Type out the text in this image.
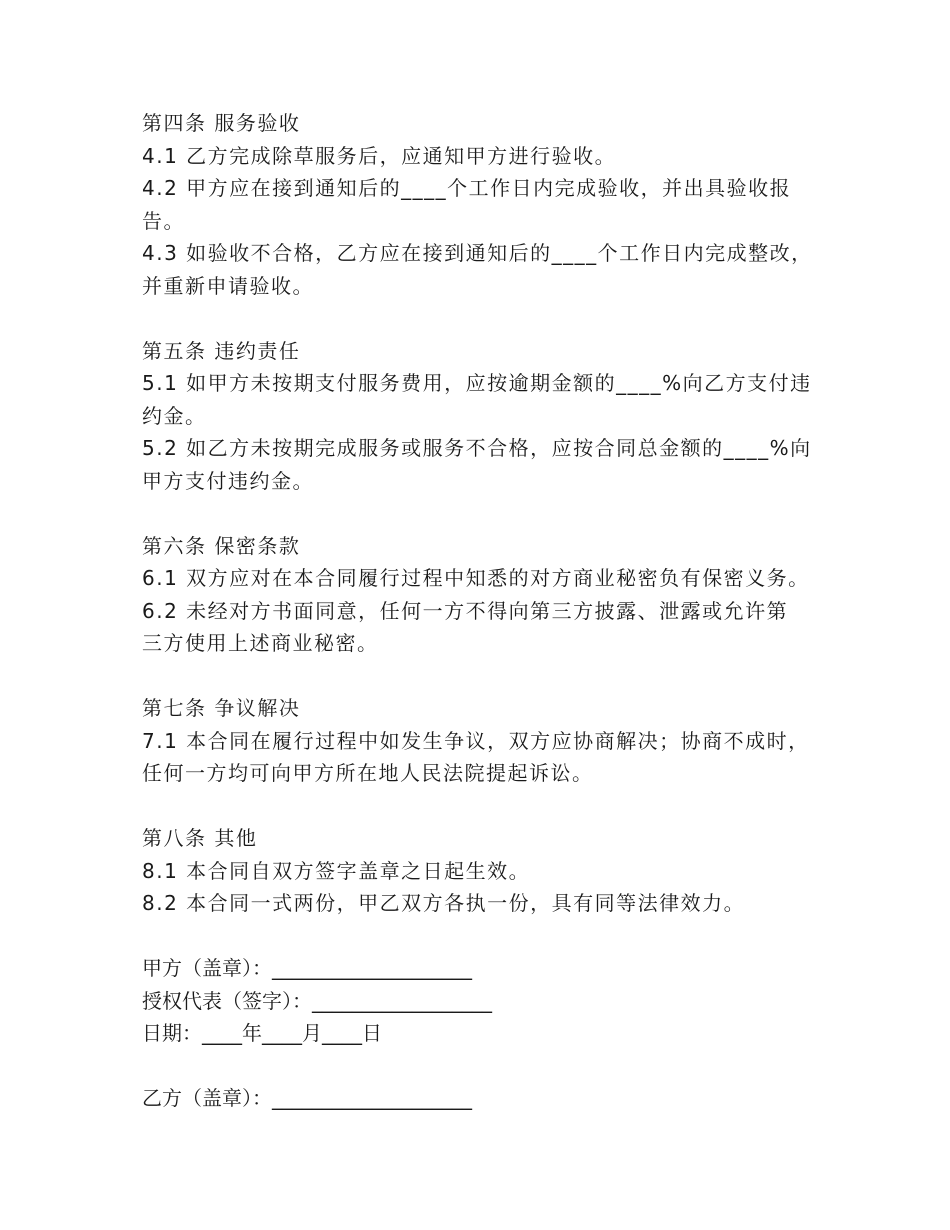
第四条 服务验收
4.1 乙方完成除草服务后，应通知甲方进行验收。
4.2 甲方应在接到通知后的____个工作日内完成验收，并出具验收报
告。
4.3 如验收不合格，乙方应在接到通知后的____个工作日内完成整改，
并重新申请验收。
第五条 违约责任
5.1 如甲方未按期支付服务费用，应按逾期金额的____%向乙方支付违
约金。
5.2 如乙方未按期完成服务或服务不合格，应按合同总金额的____%向
甲方支付违约金。
第六条 保密条款
6.1 双方应对在本合同履行过程中知悉的对方商业秘密负有保密义务。
6.2 未经对方书面同意，任何一方不得向第三方披露、泄露或允许第
三方使用上述商业秘密。
第七条 争议解决
7.1 本合同在履行过程中如发生争议，双方应协商解决；协商不成时，
任何一方均可向甲方所在地人民法院提起诉讼。
第八条 其他
8.1 本合同自双方签字盖章之日起生效。
8.2 本合同一式两份，甲乙双方各执一份，具有同等法律效力。
甲方（盖章）：____________________
授权代表（签字）：__________________
日期：____年____月____日
乙方（盖章）：____________________
